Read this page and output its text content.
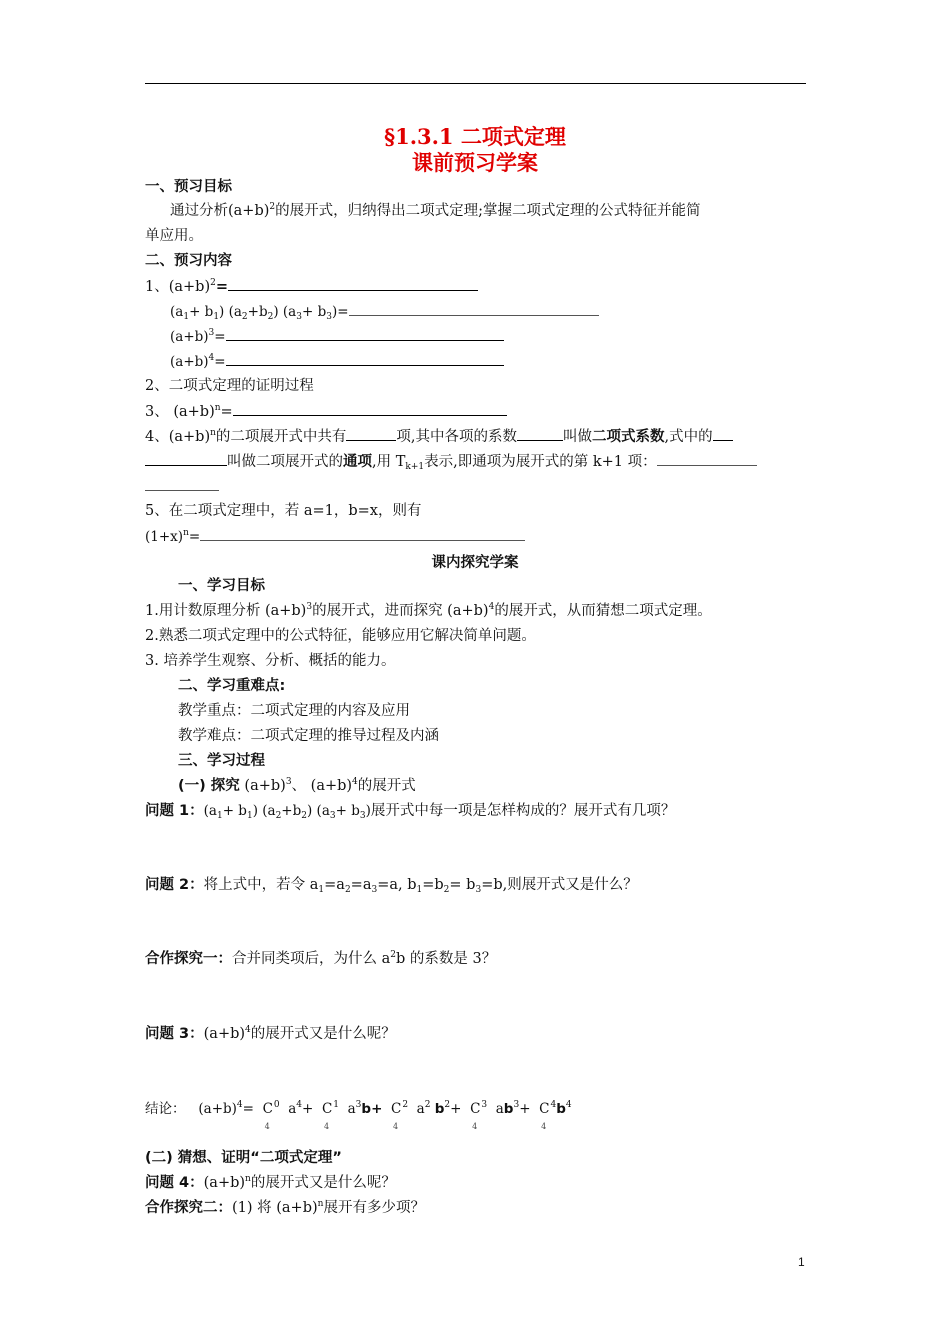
§1.3.1 二项式定理
课前预习学案
一、预习目标
通过分析$(a+b)^2$的展开式，归纳得出二项式定理;掌握二项式定理的公式特征并能简
单应用。
二、预习内容
1、$(a+b)^2=$
$(a_1+ b_1)$ $(a_2+b_2)$ $(a_3+ b_3)=$
$(a+b)^3=$
$(a+b)^4=$
2、二项式定理的证明过程
3、 $(a+b)^n=$
4、$(a+b)^n$的二项展开式中共有	项,其中各项的系数	叫做二项式系数,式中的
叫做二项展开式的通项,用 $T_{k+1}$表示,即通项为展开式的第 k+1 项：
5、在二项式定理中，若 a=1，b=x，则有
$(1+x)^n=$
课内探究学案
一、学习目标
1.用计数原理分析 $(a+b)^3$的展开式，进而探究 $(a+b)^4$的展开式，从而猜想二项式定理。
2.熟悉二项式定理中的公式特征，能够应用它解决简单问题。
3. 培养学生观察、分析、概括的能力。
二、学习重难点:
教学重点：二项式定理的内容及应用
教学难点：二项式定理的推导过程及内涵
三、学习过程
(一) 探究 $(a+b)^3$、 $(a+b)^4$的展开式
问题 1：$(a_1+ b_1)$ $(a_2+b_2)$ $(a_3+ b_3)$展开式中每一项是怎样构成的？展开式有几项？
问题 2：将上式中，若令 $a_1=a_2=a_3=a$, $b_1=b_2= b_3=b$,则展开式又是什么？
合作探究一：合并同类项后，为什么 $a^2b$ 的系数是 3？
问题 3：$(a+b)^4$的展开式又是什么呢？
结论： $(a+b)^4= C^0$
4
$a^4+ C^1$
4
$a^3b+ C^2$
4
$a^2$ $b^2+ C^3$
4
$ab^3+ C^4$
4
$b^4$
(二) 猜想、证明“二项式定理”
问题 4：$(a+b)^n$的展开式又是什么呢？
合作探究二：(1) 将 $(a+b)^n$展开有多少项？
1
